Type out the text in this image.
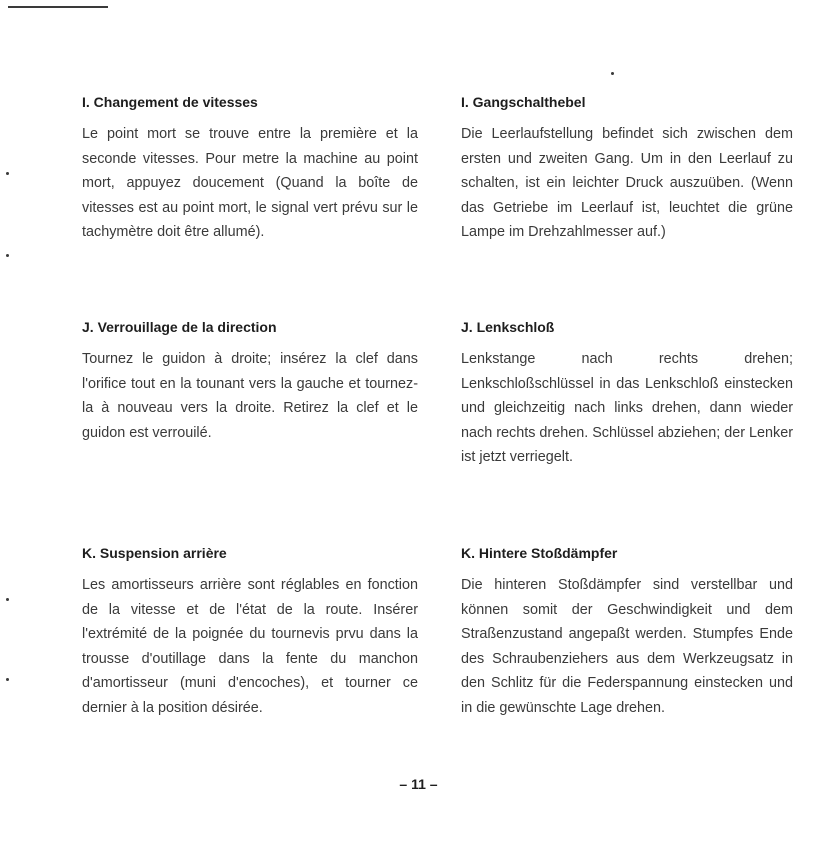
I. Changement de vitesses

Le point mort se trouve entre la première et la seconde vitesses. Pour metre la machine au point mort, appuyez doucement (Quand la boîte de vitesses est au point mort, le signal vert prévu sur le tachymètre doit être allumé).

I. Gangschalthebel

Die Leerlaufstellung befindet sich zwischen dem ersten und zweiten Gang. Um in den Leerlauf zu schalten, ist ein leichter Druck auszuüben. (Wenn das Getriebe im Leerlauf ist, leuchtet die grüne Lampe im Drehzahlmesser auf.)

J. Verrouillage de la direction

Tournez le guidon à droite; insérez la clef dans l'orifice tout en la tounant vers la gauche et tournez-la à nouveau vers la droite. Retirez la clef et le guidon est verrouilé.

J. Lenkschloß

Lenkstange nach rechts drehen; Lenkschloßschlüssel in das Lenkschloß einstecken und gleichzeitig nach links drehen, dann wieder nach rechts drehen. Schlüssel abziehen; der Lenker ist jetzt verriegelt.

K. Suspension arrière

Les amortisseurs arrière sont réglables en fonction de la vitesse et de l'état de la route. Insérer l'extrémité de la poignée du tournevis prvu dans la trousse d'outillage dans la fente du manchon d'amortisseur (muni d'encoches), et tourner ce dernier à la position désirée.

K. Hintere Stoßdämpfer

Die hinteren Stoßdämpfer sind verstellbar und können somit der Geschwindigkeit und dem Straßenzustand angepaßt werden. Stumpfes Ende des Schraubenziehers aus dem Werkzeugsatz in den Schlitz für die Federspannung einstecken und in die gewünschte Lage drehen.

– 11 –
